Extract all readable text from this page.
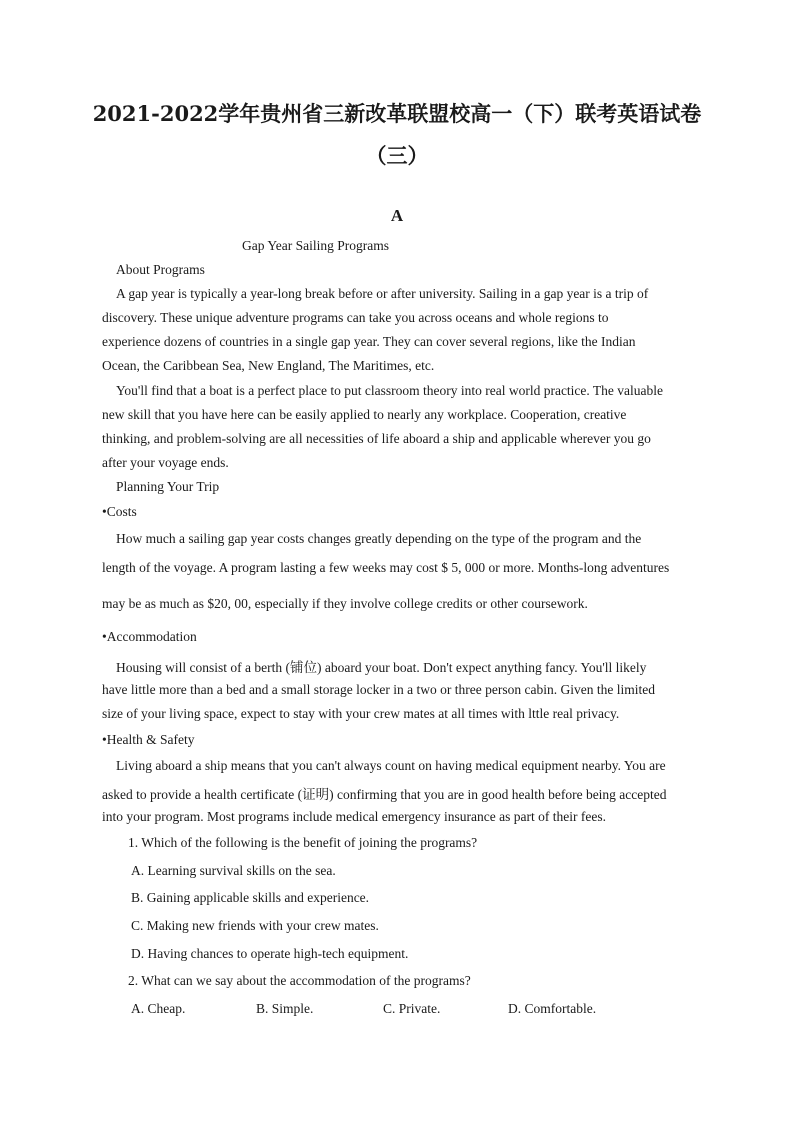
2021-2022学年贵州省三新改革联盟校高一（下）联考英语试卷
（三）
A
Gap Year Sailing Programs
About Programs
A gap year is typically a year-long break before or after university. Sailing in a gap year is a trip of
discovery. These unique adventure programs can take you across oceans and whole regions to
experience dozens of countries in a single gap year. They can cover several regions, like the Indian
Ocean, the Caribbean Sea, New England, The Maritimes, etc.
You'll find that a boat is a perfect place to put classroom theory into real world practice. The valuable
new skill that you have here can be easily applied to nearly any workplace. Cooperation, creative
thinking, and problem-solving are all necessities of life aboard a ship and applicable wherever you go
after your voyage ends.
Planning Your Trip
•Costs
How much a sailing gap year costs changes greatly depending on the type of the program and the
length of the voyage. A program lasting a few weeks may cost $ 5, 000 or more. Months-long adventures
may be as much as $20, 00, especially if they involve college credits or other coursework.
•Accommodation
Housing will consist of a berth (铺位) aboard your boat. Don't expect anything fancy. You'll likely
have little more than a bed and a small storage locker in a two or three person cabin. Given the limited
size of your living space, expect to stay with your crew mates at all times with lttle real privacy.
•Health & Safety
Living aboard a ship means that you can't always count on having medical equipment nearby. You are
asked to provide a health certificate (证明) confirming that you are in good health before being accepted
into your program. Most programs include medical emergency insurance as part of their fees.
1. Which of the following is the benefit of joining the programs?
A. Learning survival skills on the sea.
B. Gaining applicable skills and experience.
C. Making new friends with your crew mates.
D. Having chances to operate high-tech equipment.
2. What can we say about the accommodation of the programs?
A. Cheap.	B. Simple.	C. Private.	D. Comfortable.
